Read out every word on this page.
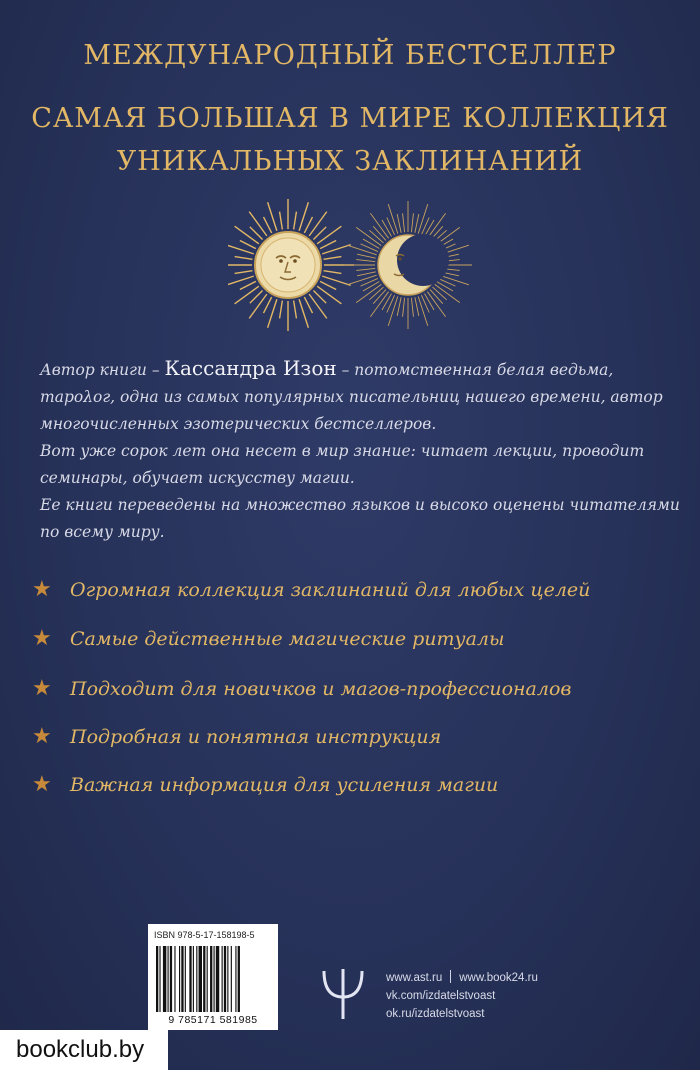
МЕЖДУНАРОДНЫЙ БЕСТСЕЛЛЕР
САМАЯ БОЛЬШАЯ В МИРЕ КОЛЛЕКЦИЯ
УНИКАЛЬНЫХ ЗАКЛИНАНИЙ
Автор книги – Кассандра Изон – потомственная белая ведьма, тарολог, одна из самых популярных писательниц нашего времени, автор многочисленных эзотерических бестселлеров.
Вот уже сорок лет она несет в мир знание: читает лекции, проводит семинары, обучает искусству магии.
Ее книги переведены на множество языков и высоко оценены читателями по всему миру.
★ Огромная коллекция заклинаний для любых целей
★ Самые действенные магические ритуалы
★ Подходит для новичков и магов-профессионалов
★ Подробная и понятная инструкция
★ Важная информация для усиления магии
ISBN 978-5-17-158198-5
9 785171 581985
www.ast.ru www.book24.ru
vk.com/izdatelstvoast
ok.ru/izdatelstvoast
bookclub.by
